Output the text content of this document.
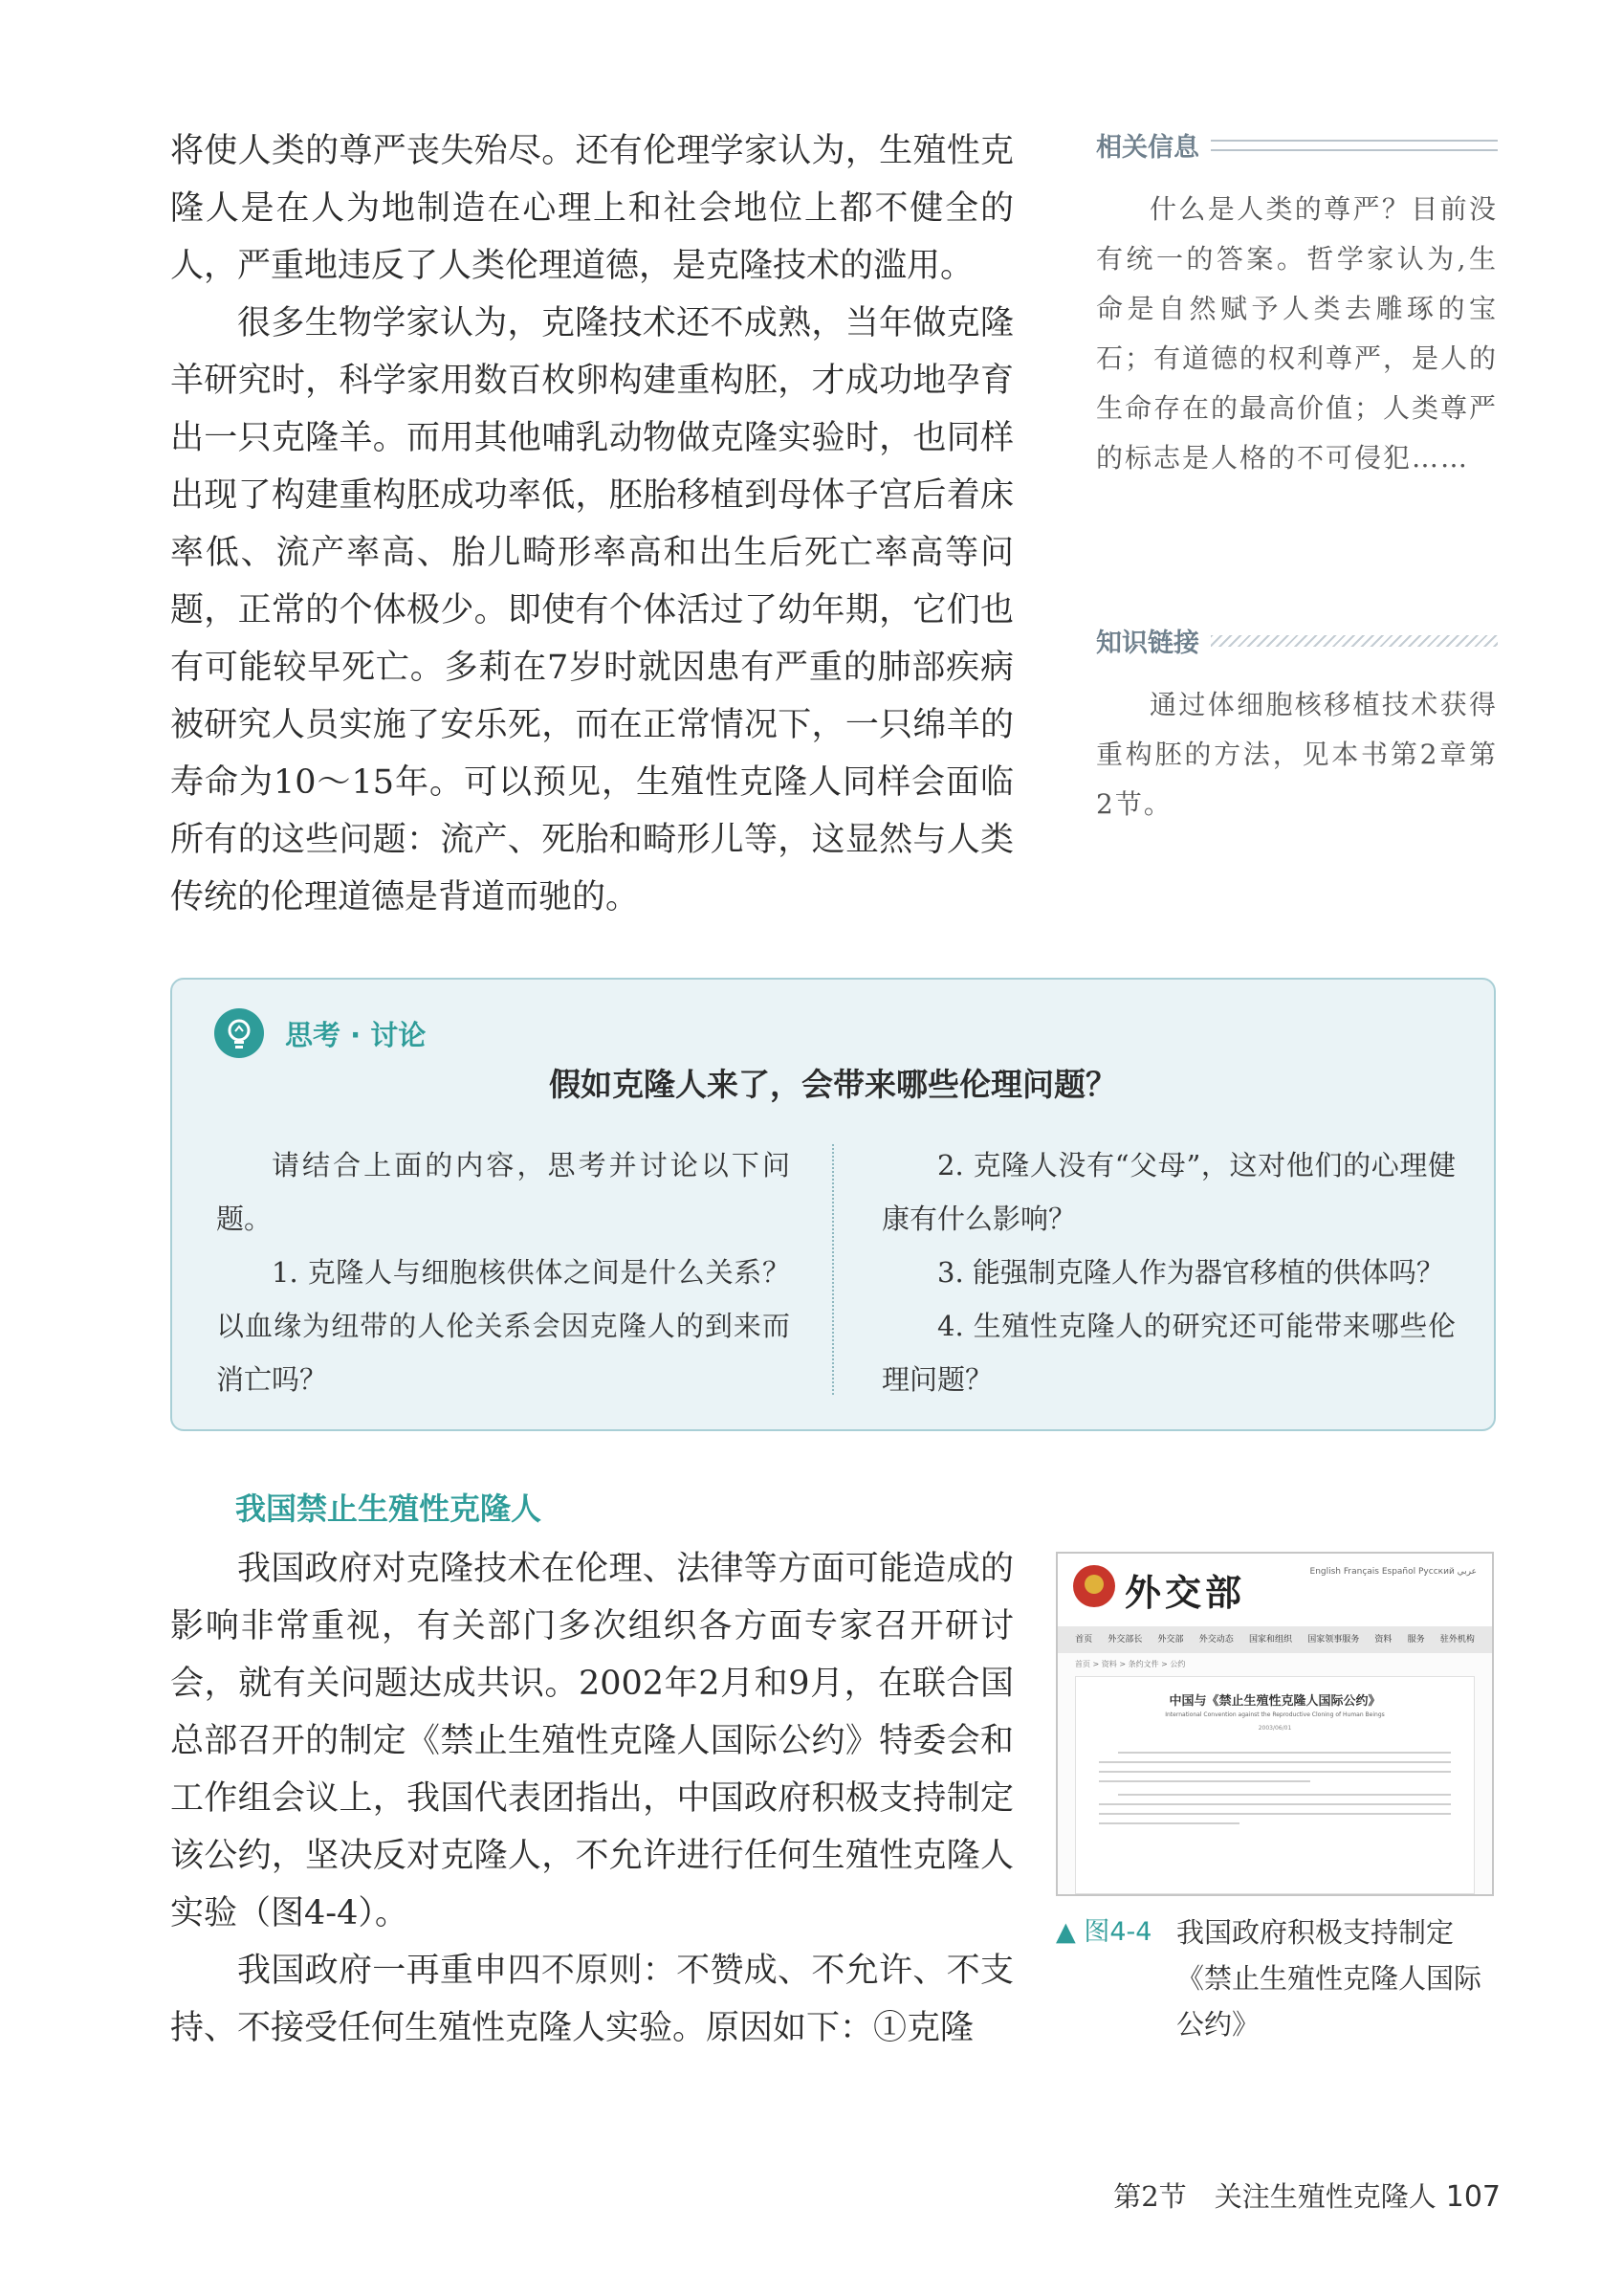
将使人类的尊严丧失殆尽。还有伦理学家认为，生殖性克隆人是在人为地制造在心理上和社会地位上都不健全的人，严重地违反了人类伦理道德，是克隆技术的滥用。

很多生物学家认为，克隆技术还不成熟，当年做克隆羊研究时，科学家用数百枚卵构建重构胚，才成功地孕育出一只克隆羊。而用其他哺乳动物做克隆实验时，也同样出现了构建重构胚成功率低，胚胎移植到母体子宫后着床率低、流产率高、胎儿畸形率高和出生后死亡率高等问题，正常的个体极少。即使有个体活过了幼年期，它们也有可能较早死亡。多莉在7岁时就因患有严重的肺部疾病被研究人员实施了安乐死，而在正常情况下，一只绵羊的寿命为10～15年。可以预见，生殖性克隆人同样会面临所有的这些问题：流产、死胎和畸形儿等，这显然与人类传统的伦理道德是背道而驰的。

相关信息
什么是人类的尊严？目前没有统一的答案。哲学家认为,生命是自然赋予人类去雕琢的宝石；有道德的权利尊严，是人的生命存在的最高价值；人类尊严的标志是人格的不可侵犯……
知识链接
通过体细胞核移植技术获得重构胚的方法，见本书第2章第2节。
思考 · 讨论
假如克隆人来了，会带来哪些伦理问题？

请结合上面的内容，思考并讨论以下问题。

1. 克隆人与细胞核供体之间是什么关系？以血缘为纽带的人伦关系会因克隆人的到来而消亡吗？

2. 克隆人没有“父母”，这对他们的心理健康有什么影响？

3. 能强制克隆人作为器官移植的供体吗？

4. 生殖性克隆人的研究还可能带来哪些伦理问题？

我国禁止生殖性克隆人

我国政府对克隆技术在伦理、法律等方面可能造成的影响非常重视，有关部门多次组织各方面专家召开研讨会，就有关问题达成共识。2002年2月和9月，在联合国总部召开的制定《禁止生殖性克隆人国际公约》特委会和工作组会议上，我国代表团指出，中国政府积极支持制定该公约，坚决反对克隆人，不允许进行任何生殖性克隆人实验（图4-4）。

我国政府一再重申四不原则：不赞成、不允许、不支持、不接受任何生殖性克隆人实验。原因如下：①克隆

外交部	English Français Español Pусский عربي
首页 外交部长 外交部 外交动态 国家和组织 国家领事服务 资料 服务 驻外机构
首页 > 资料 > 条约文件 > 公约
中国与《禁止生殖性克隆人国际公约》
International Convention against the Reproductive Cloning of Human Beings
2003/06/01
▲ 图4-4 我国政府积极支持制定《禁止生殖性克隆人国际公约》
第2节　关注生殖性克隆人 107
